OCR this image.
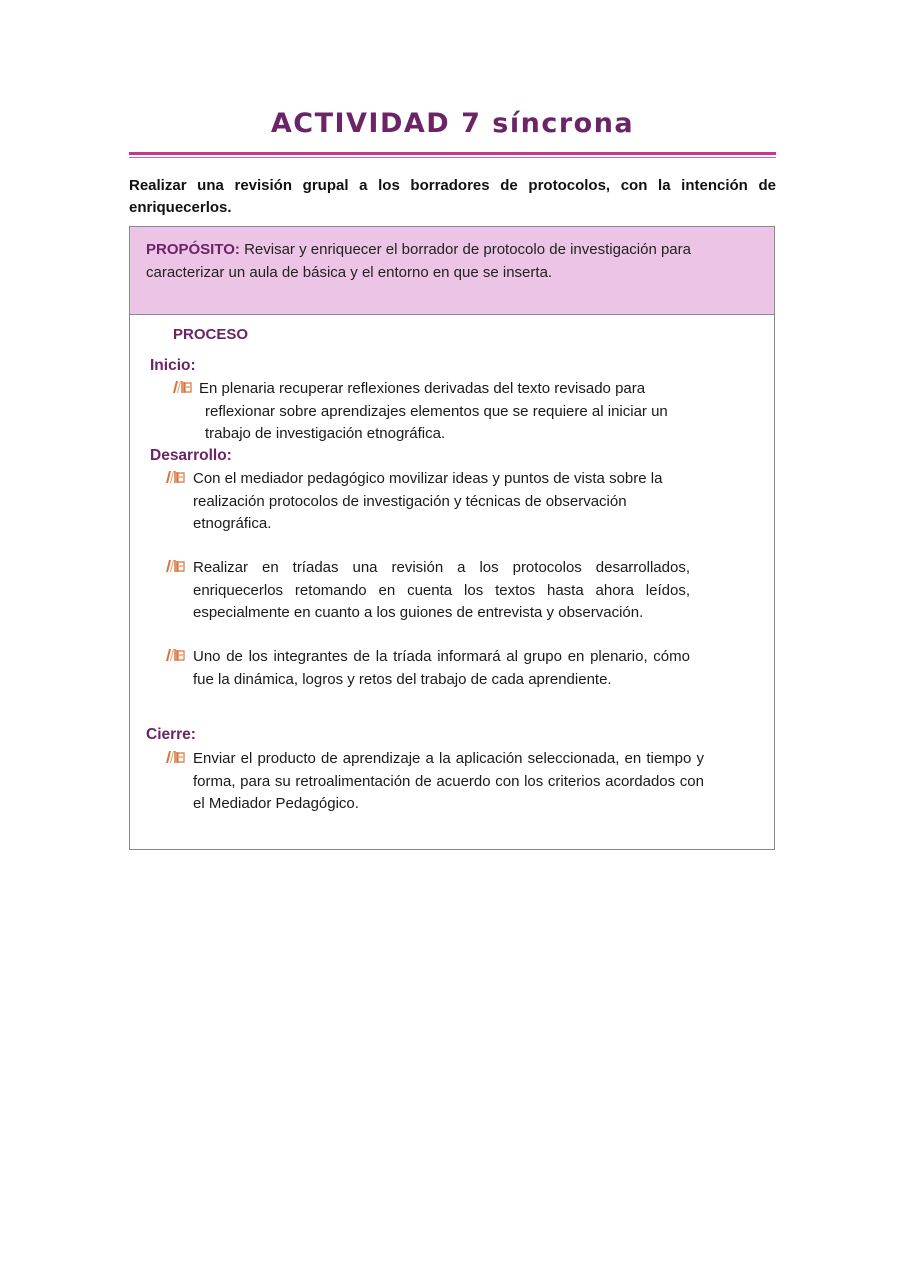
ACTIVIDAD 7 síncrona
Realizar una revisión grupal a los borradores de protocolos, con la intención de enriquecerlos.
PROPÓSITO: Revisar y enriquecer el borrador de protocolo de investigación para caracterizar un aula de básica y el entorno en que se inserta.
PROCESO
Inicio:
En plenaria recuperar reflexiones derivadas del texto revisado para reflexionar sobre aprendizajes elementos que se requiere al iniciar un trabajo de investigación etnográfica.
Desarrollo:
Con el mediador pedagógico movilizar ideas y puntos de vista sobre la realización protocolos de investigación y técnicas de observación etnográfica.
Realizar en tríadas una revisión a los protocolos desarrollados, enriquecerlos retomando en cuenta los textos hasta ahora leídos, especialmente en cuanto a los guiones de entrevista y observación.
Uno de los integrantes de la tríada informará al grupo en plenario, cómo fue la dinámica, logros y retos del trabajo de cada aprendiente.
Cierre:
Enviar el producto de aprendizaje a la aplicación seleccionada, en tiempo y forma, para su retroalimentación de acuerdo con los criterios acordados con el Mediador Pedagógico.
